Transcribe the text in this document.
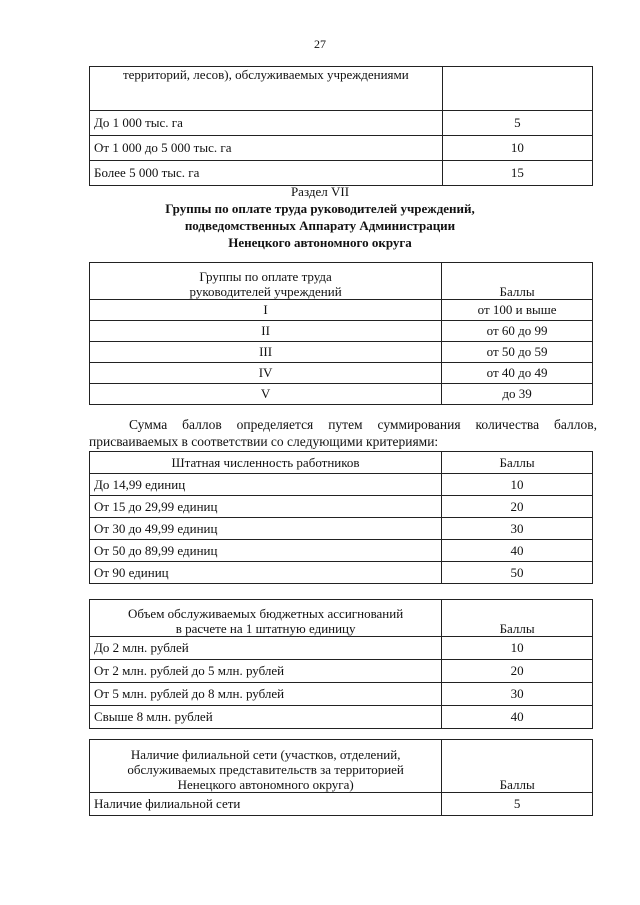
27
территорий, лесов), обслуживаемых учреждениями	
До 1 000 тыс. га	5
От 1 000 до 5 000 тыс. га	10
Более 5 000 тыс. га	15
Раздел VII
Группы по оплате труда руководителей учреждений,
подведомственных Аппарату Администрации
Ненецкого автономного округа
Группы по оплате труда
руководителей учреждений	Баллы
I	от 100 и выше
II	от 60 до 99
III	от 50 до 59
IV	от 40 до 49
V	до 39
Сумма баллов определяется путем суммирования количества баллов, присваиваемых в соответствии со следующими критериями:
Штатная численность работников	Баллы
До 14,99 единиц	10
От 15 до 29,99 единиц	20
От 30 до 49,99 единиц	30
От 50 до 89,99 единиц	40
От 90 единиц	50
Объем обслуживаемых бюджетных ассигнований
в расчете на 1 штатную единицу	Баллы
До 2 млн. рублей	10
От 2 млн. рублей до 5 млн. рублей	20
От 5 млн. рублей до 8 млн. рублей	30
Свыше 8 млн. рублей	40
Наличие филиальной сети (участков, отделений,
обслуживаемых представительств за территорией
Ненецкого автономного округа)	Баллы
Наличие филиальной сети	5
